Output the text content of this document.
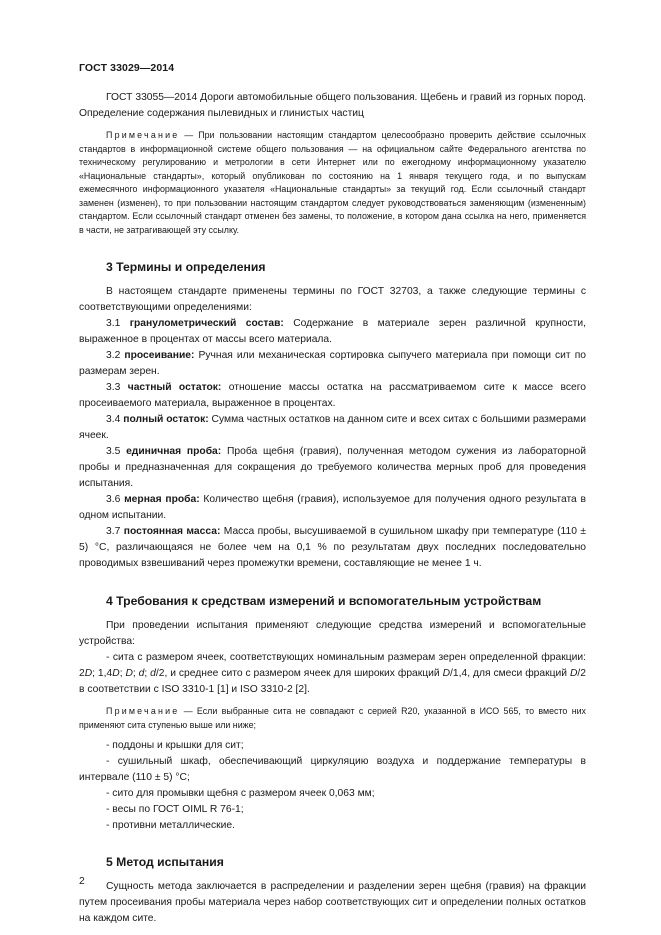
ГОСТ 33029—2014

ГОСТ 33055—2014 Дороги автомобильные общего пользования. Щебень и гравий из горных пород. Определение содержания пылевидных и глинистых частиц

Примечание — При пользовании настоящим стандартом целесообразно проверить действие ссылочных стандартов в информационной системе общего пользования — на официальном сайте Федерального агентства по техническому регулированию и метрологии в сети Интернет или по ежегодному информационному указателю «Национальные стандарты», который опубликован по состоянию на 1 января текущего года, и по выпускам ежемесячного информационного указателя «Национальные стандарты» за текущий год. Если ссылочный стандарт заменен (изменен), то при пользовании настоящим стандартом следует руководствоваться заменяющим (измененным) стандартом. Если ссылочный стандарт отменен без замены, то положение, в котором дана ссылка на него, применяется в части, не затрагивающей эту ссылку.

3 Термины и определения

В настоящем стандарте применены термины по ГОСТ 32703, а также следующие термины с соответствующими определениями:

3.1 гранулометрический состав: Содержание в материале зерен различной крупности, выраженное в процентах от массы всего материала.

3.2 просеивание: Ручная или механическая сортировка сыпучего материала при помощи сит по размерам зерен.

3.3 частный остаток: отношение массы остатка на рассматриваемом сите к массе всего просеиваемого материала, выраженное в процентах.

3.4 полный остаток: Сумма частных остатков на данном сите и всех ситах с большими размерами ячеек.

3.5 единичная проба: Проба щебня (гравия), полученная методом сужения из лабораторной пробы и предназначенная для сокращения до требуемого количества мерных проб для проведения испытания.

3.6 мерная проба: Количество щебня (гравия), используемое для получения одного результата в одном испытании.

3.7 постоянная масса: Масса пробы, высушиваемой в сушильном шкафу при температуре (110 ± 5) °С, различающаяся не более чем на 0,1 % по результатам двух последних последовательно проводимых взвешиваний через промежутки времени, составляющие не менее 1 ч.

4 Требования к средствам измерений и вспомогательным устройствам

При проведении испытания применяют следующие средства измерений и вспомогательные устройства:

- сита с размером ячеек, соответствующих номинальным размерам зерен определенной фракции: 2D; 1,4D; D; d; d/2, и среднее сито с размером ячеек для широких фракций D/1,4, для смеси фракций D/2 в соответствии с ISO 3310-1 [1] и ISO 3310-2 [2].

Примечание — Если выбранные сита не совпадают с серией R20, указанной в ИСО 565, то вместо них применяют сита ступенью выше или ниже;

- поддоны и крышки для сит;

- сушильный шкаф, обеспечивающий циркуляцию воздуха и поддержание температуры в интервале (110 ± 5) °С;

- сито для промывки щебня с размером ячеек 0,063 мм;

- весы по ГОСТ OIML R 76-1;

- противни металлические.

5 Метод испытания

Сущность метода заключается в распределении и разделении зерен щебня (гравия) на фракции путем просеивания пробы материала через набор соответствующих сит и определении полных остатков на каждом сите.

2
